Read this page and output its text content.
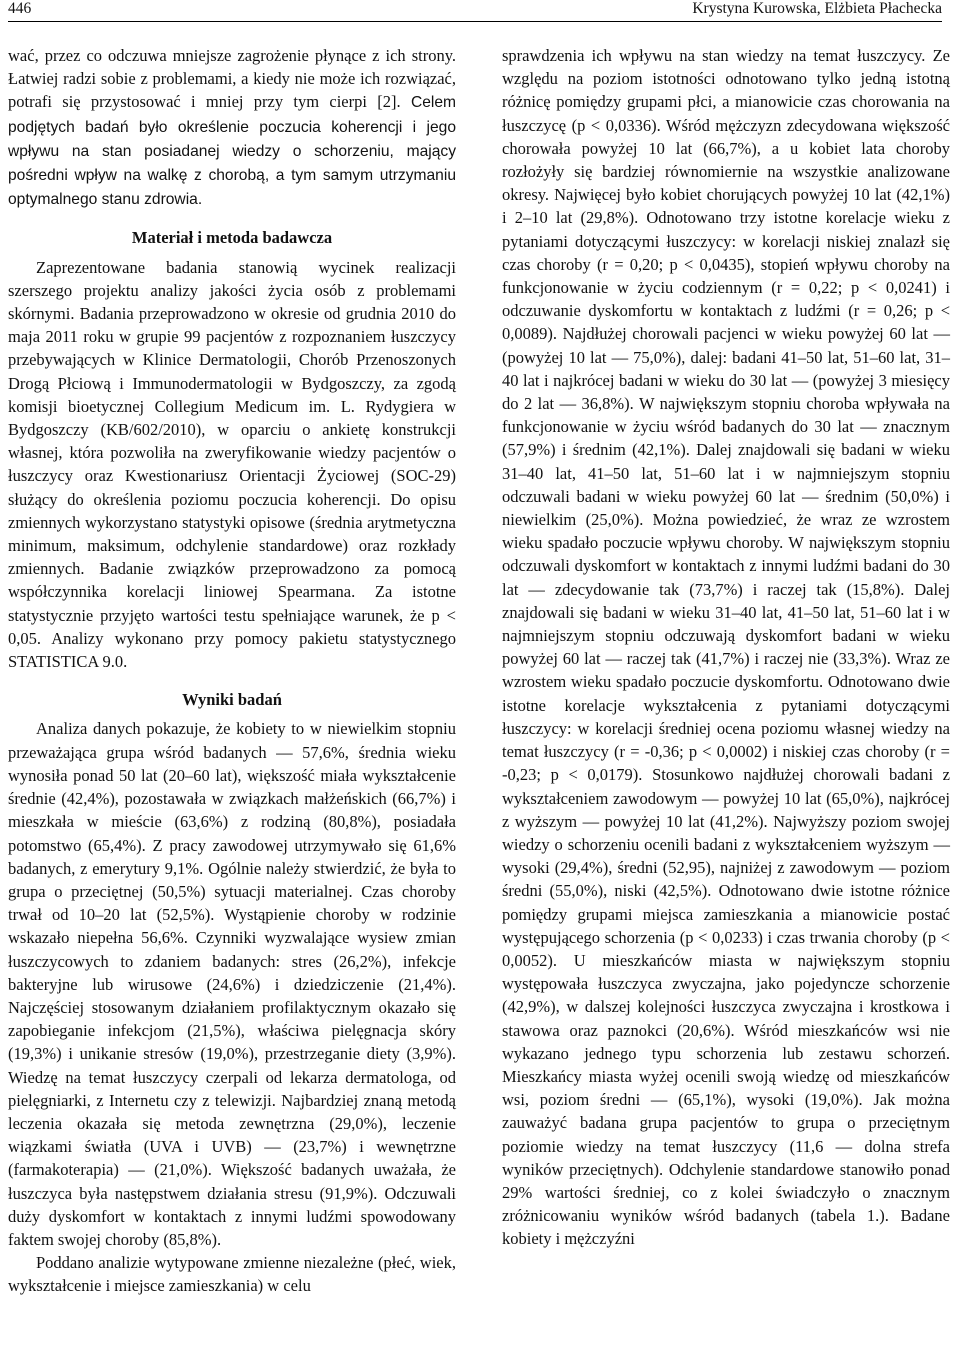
446	Krystyna Kurowska, Elżbieta Płachecka

wać, przez co odczuwa mniejsze zagrożenie płynące z ich strony. Łatwiej radzi sobie z problemami, a kiedy nie może ich rozwiązać, potrafi się przystosować i mniej przy tym cierpi [2]. Celem podjętych badań było określenie poczucia koherencji i jego wpływu na stan posiadanej wiedzy o schorzeniu, mający pośredni wpływ na walkę z chorobą, a tym samym utrzymaniu optymalnego stanu zdrowia.

Materiał i metoda badawcza

Zaprezentowane badania stanowią wycinek realizacji szerszego projektu analizy jakości życia osób z problemami skórnymi. Badania przeprowadzono w okresie od grudnia 2010 do maja 2011 roku w grupie 99 pacjentów z rozpoznaniem łuszczycy przebywających w Klinice Dermatologii, Chorób Przenoszonych Drogą Płciową i Immunodermatologii w Bydgoszczy, za zgodą komisji bioetycznej Collegium Medicum im. L. Rydygiera w Bydgoszczy (KB/602/2010), w oparciu o ankietę konstrukcji własnej, która pozwoliła na zweryfikowanie wiedzy pacjentów o łuszczycy oraz Kwestionariusz Orientacji Życiowej (SOC-29) służący do określenia poziomu poczucia koherencji. Do opisu zmiennych wykorzystano statystyki opisowe (średnia arytmetyczna minimum, maksimum, odchylenie standardowe) oraz rozkłady zmiennych. Badanie związków przeprowadzono za pomocą współczynnika korelacji liniowej Spearmana. Za istotne statystycznie przyjęto wartości testu spełniające warunek, że p < 0,05. Analizy wykonano przy pomocy pakietu statystycznego STATISTICA 9.0.

Wyniki badań

Analiza danych pokazuje, że kobiety to w niewielkim stopniu przeważająca grupa wśród badanych — 57,6%, średnia wieku wynosiła ponad 50 lat (20–60 lat), większość miała wykształcenie średnie (42,4%), pozostawała w związkach małżeńskich (66,7%) i mieszkała w mieście (63,6%) z rodziną (80,8%), posiadała potomstwo (65,4%). Z pracy zawodowej utrzymywało się 61,6% badanych, z emerytury 9,1%. Ogólnie należy stwierdzić, że była to grupa o przeciętnej (50,5%) sytuacji materialnej. Czas choroby trwał od 10–20 lat (52,5%). Wystąpienie choroby w rodzinie wskazało niepełna 56,6%. Czynniki wyzwalające wysiew zmian łuszczycowych to zdaniem badanych: stres (26,2%), infekcje bakteryjne lub wirusowe (24,6%) i dziedziczenie (21,4%). Najczęściej stosowanym działaniem profilaktycznym okazało się zapobieganie infekcjom (21,5%), właściwa pielęgnacja skóry (19,3%) i unikanie stresów (19,0%), przestrzeganie diety (3,9%). Wiedzę na temat łuszczycy czerpali od lekarza dermatologa, od pielęgniarki, z Internetu czy z telewizji. Najbardziej znaną metodą leczenia okazała się metoda zewnętrzna (29,0%), leczenie wiązkami światła (UVA i UVB) — (23,7%) i wewnętrzne (farmakoterapia) — (21,0%). Większość badanych uważała, że łuszczyca była następstwem działania stresu (91,9%). Odczuwali duży dyskomfort w kontaktach z innymi ludźmi spowodowany faktem swojej choroby (85,8%).

Poddano analizie wytypowane zmienne niezależne (płeć, wiek, wykształcenie i miejsce zamieszkania) w celu

sprawdzenia ich wpływu na stan wiedzy na temat łuszczycy. Ze względu na poziom istotności odnotowano tylko jedną istotną różnicę pomiędzy grupami płci, a mianowicie czas chorowania na łuszczycę (p < 0,0336). Wśród mężczyzn zdecydowana większość chorowała powyżej 10 lat (66,7%), a u kobiet lata choroby rozłożyły się bardziej równomiernie na wszystkie analizowane okresy. Najwięcej było kobiet chorujących powyżej 10 lat (42,1%) i 2–10 lat (29,8%). Odnotowano trzy istotne korelacje wieku z pytaniami dotyczącymi łuszczycy: w korelacji niskiej znalazł się czas choroby (r = 0,20; p < 0,0435), stopień wpływu choroby na funkcjonowanie w życiu codziennym (r = 0,22; p < 0,0241) i odczuwanie dyskomfortu w kontaktach z ludźmi (r = 0,26; p < 0,0089). Najdłużej chorowali pacjenci w wieku powyżej 60 lat — (powyżej 10 lat — 75,0%), dalej: badani 41–50 lat, 51–60 lat, 31–40 lat i najkrócej badani w wieku do 30 lat — (powyżej 3 miesięcy do 2 lat — 36,8%). W największym stopniu choroba wpływała na funkcjonowanie w życiu wśród badanych do 30 lat — znacznym (57,9%) i średnim (42,1%). Dalej znajdowali się badani w wieku 31–40 lat, 41–50 lat, 51–60 lat i w najmniejszym stopniu odczuwali badani w wieku powyżej 60 lat — średnim (50,0%) i niewielkim (25,0%). Można powiedzieć, że wraz ze wzrostem wieku spadało poczucie wpływu choroby. W największym stopniu odczuwali dyskomfort w kontaktach z innymi ludźmi badani do 30 lat — zdecydowanie tak (73,7%) i raczej tak (15,8%). Dalej znajdowali się badani w wieku 31–40 lat, 41–50 lat, 51–60 lat i w najmniejszym stopniu odczuwają dyskomfort badani w wieku powyżej 60 lat — raczej tak (41,7%) i raczej nie (33,3%). Wraz ze wzrostem wieku spadało poczucie dyskomfortu. Odnotowano dwie istotne korelacje wykształcenia z pytaniami dotyczącymi łuszczycy: w korelacji średniej ocena poziomu własnej wiedzy na temat łuszczycy (r = -0,36; p < 0,0002) i niskiej czas choroby (r = -0,23; p < 0,0179). Stosunkowo najdłużej chorowali badani z wykształceniem zawodowym — powyżej 10 lat (65,0%), najkrócej z wyższym — powyżej 10 lat (41,2%). Najwyższy poziom swojej wiedzy o schorzeniu ocenili badani z wykształceniem wyższym — wysoki (29,4%), średni (52,95), najniżej z zawodowym — poziom średni (55,0%), niski (42,5%). Odnotowano dwie istotne różnice pomiędzy grupami miejsca zamieszkania a mianowicie postać występującego schorzenia (p < 0,0233) i czas trwania choroby (p < 0,0052). U mieszkańców miasta w największym stopniu występowała łuszczyca zwyczajna, jako pojedyncze schorzenie (42,9%), w dalszej kolejności łuszczyca zwyczajna i krostkowa i stawowa oraz paznokci (20,6%). Wśród mieszkańców wsi nie wykazano jednego typu schorzenia lub zestawu schorzeń. Mieszkańcy miasta wyżej ocenili swoją wiedzę od mieszkańców wsi, poziom średni — (65,1%), wysoki (19,0%). Jak można zauważyć badana grupa pacjentów to grupa o przeciętnym poziomie wiedzy na temat łuszczycy (11,6 — dolna strefa wyników przeciętnych). Odchylenie standardowe stanowiło ponad 29% wartości średniej, co z kolei świadczyło o znacznym zróżnicowaniu wyników wśród badanych (tabela 1.). Badane kobiety i mężczyźni
